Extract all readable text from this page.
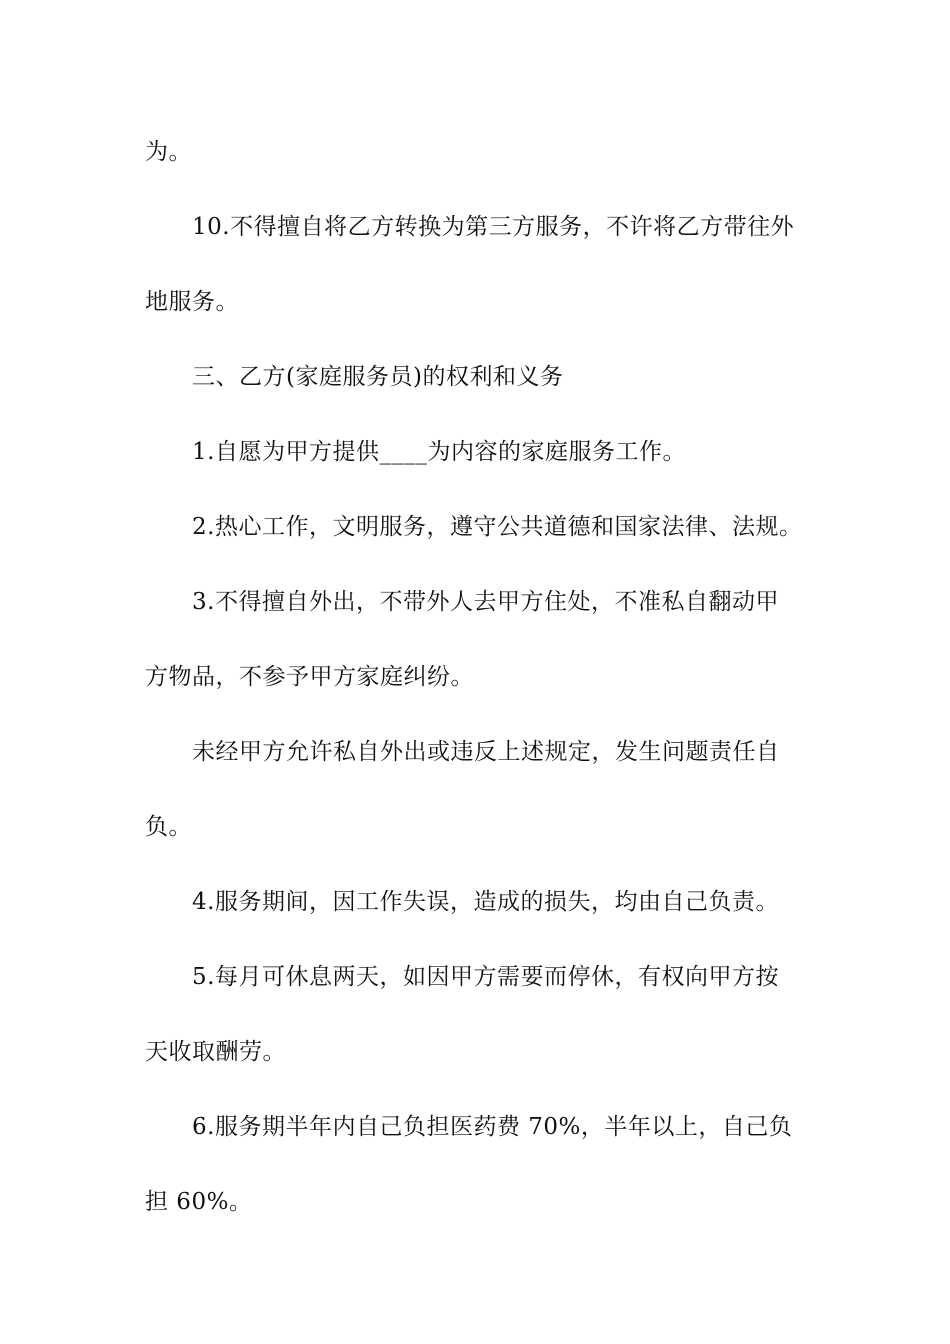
为。
10.不得擅自将乙方转换为第三方服务，不许将乙方带往外
地服务。
三、乙方(家庭服务员)的权利和义务
1.自愿为甲方提供____为内容的家庭服务工作。
2.热心工作，文明服务，遵守公共道德和国家法律、法规。
3.不得擅自外出，不带外人去甲方住处，不准私自翻动甲
方物品，不参予甲方家庭纠纷。
未经甲方允许私自外出或违反上述规定，发生问题责任自
负。
4.服务期间，因工作失误，造成的损失，均由自己负责。
5.每月可休息两天，如因甲方需要而停休，有权向甲方按
天收取酬劳。
6.服务期半年内自己负担医药费 70%，半年以上，自己负
担 60%。
